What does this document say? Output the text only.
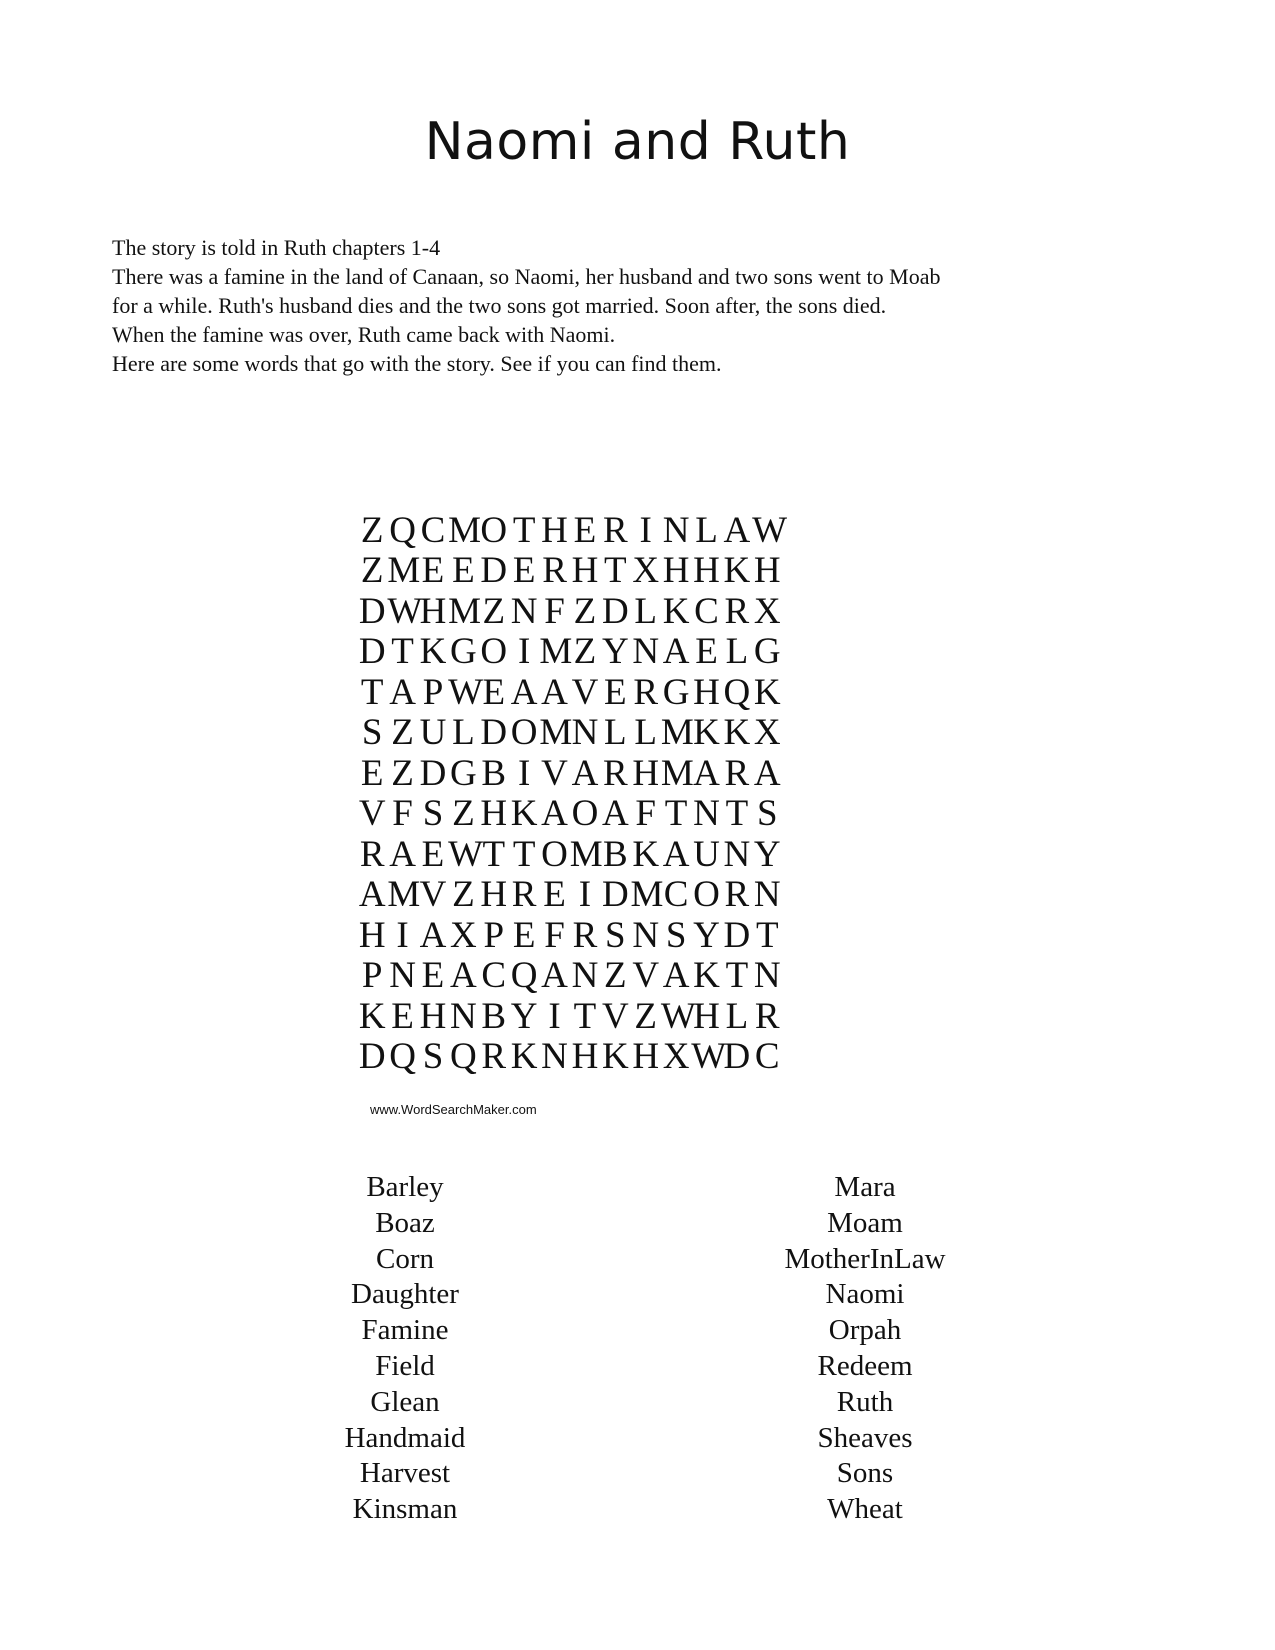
Naomi and Ruth
The story is told in Ruth chapters 1-4
There was a famine in the land of Canaan, so Naomi, her husband and two sons went to Moab
for a while. Ruth's husband dies and the two sons got married. Soon after, the sons died.
When the famine was over, Ruth came back with Naomi.
Here are some words that go with the story. See if you can find them.
Z Q C M O T H E R I N L A W
Z M E E D E R H T X H H K H
D W
H M Z N F Z D L K C R X
D T K G O I M Z Y N A E L G
T A P W E A A V E R G H Q K
S Z U L D O M N L L M K K X
E Z D G B I V A R H M A R A
V F S Z H K A O A F T N T S
R A E W T T O M B K A U N Y
A M V Z H R E I D M C O R N
H I A X P E F R S N S Y D T
P N E A C Q A N Z V A K T N
K E H N B Y I T V Z W
H L R
D Q S Q R K N H K H X W
D C
www.WordSearchMaker.com
Barley
Boaz
Corn
Daughter
Famine
Field
Glean
Handmaid
Harvest
Kinsman
Mara
Moam
MotherInLaw
Naomi
Orpah
Redeem
Ruth
Sheaves
Sons
Wheat
